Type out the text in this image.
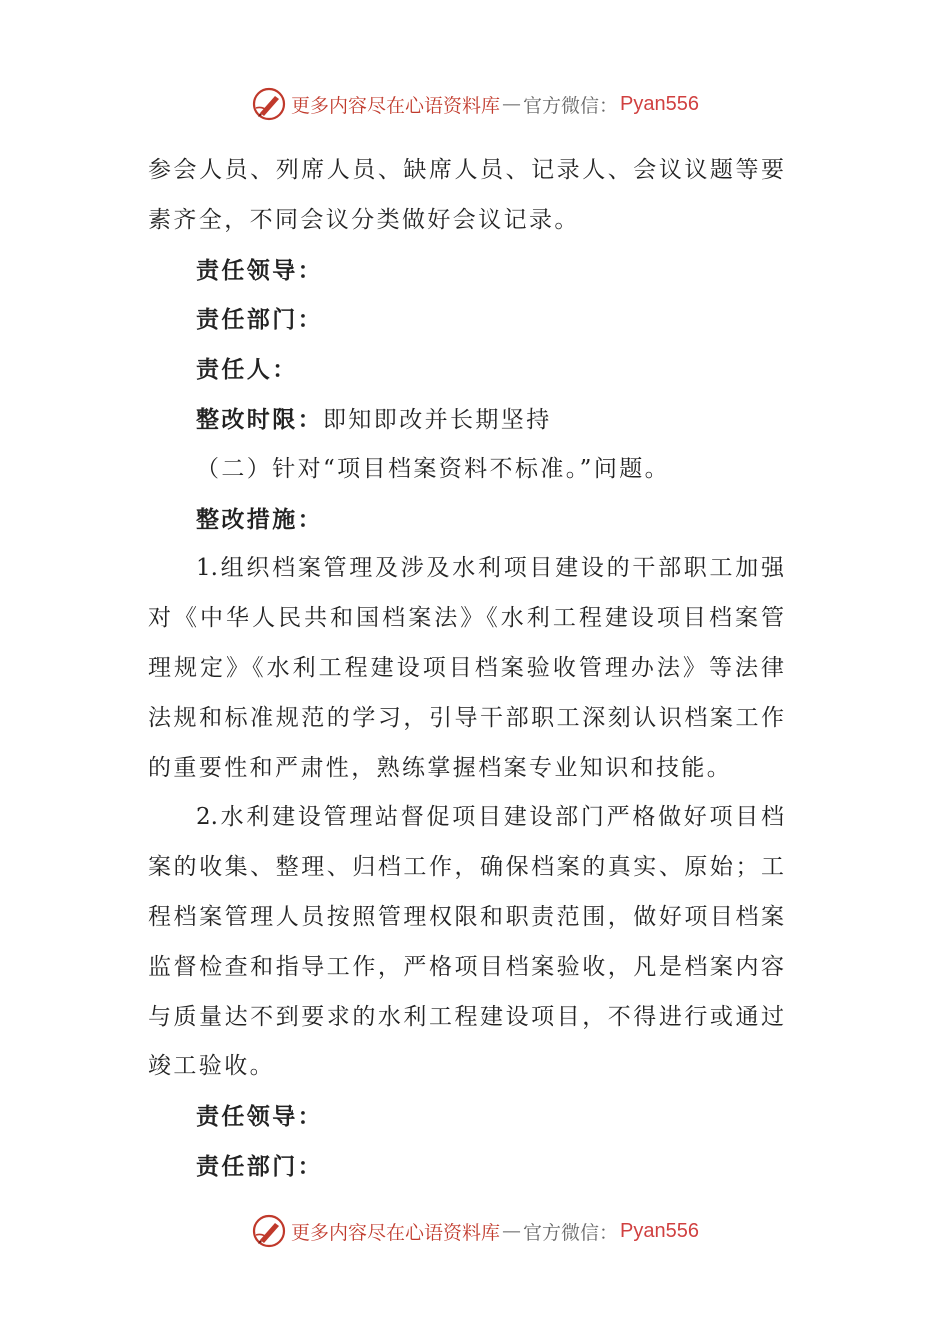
更多内容尽在心语资料库 — 官方微信： Pyan556
参会人员、列席人员、缺席人员、记录人、会议议题等要
素齐全，不同会议分类做好会议记录。
责任领导：
责任部门：
责任人：
整改时限：即知即改并长期坚持
（二）针对“项目档案资料不标准。”问题。
整改措施：
1.组织档案管理及涉及水利项目建设的干部职工加强
对《中华人民共和国档案法》《水利工程建设项目档案管
理规定》《水利工程建设项目档案验收管理办法》等法律
法规和标准规范的学习，引导干部职工深刻认识档案工作
的重要性和严肃性，熟练掌握档案专业知识和技能。
2.水利建设管理站督促项目建设部门严格做好项目档
案的收集、整理、归档工作，确保档案的真实、原始；工
程档案管理人员按照管理权限和职责范围，做好项目档案
监督检查和指导工作，严格项目档案验收，凡是档案内容
与质量达不到要求的水利工程建设项目，不得进行或通过
竣工验收。
责任领导：
责任部门：
更多内容尽在心语资料库 — 官方微信： Pyan556
